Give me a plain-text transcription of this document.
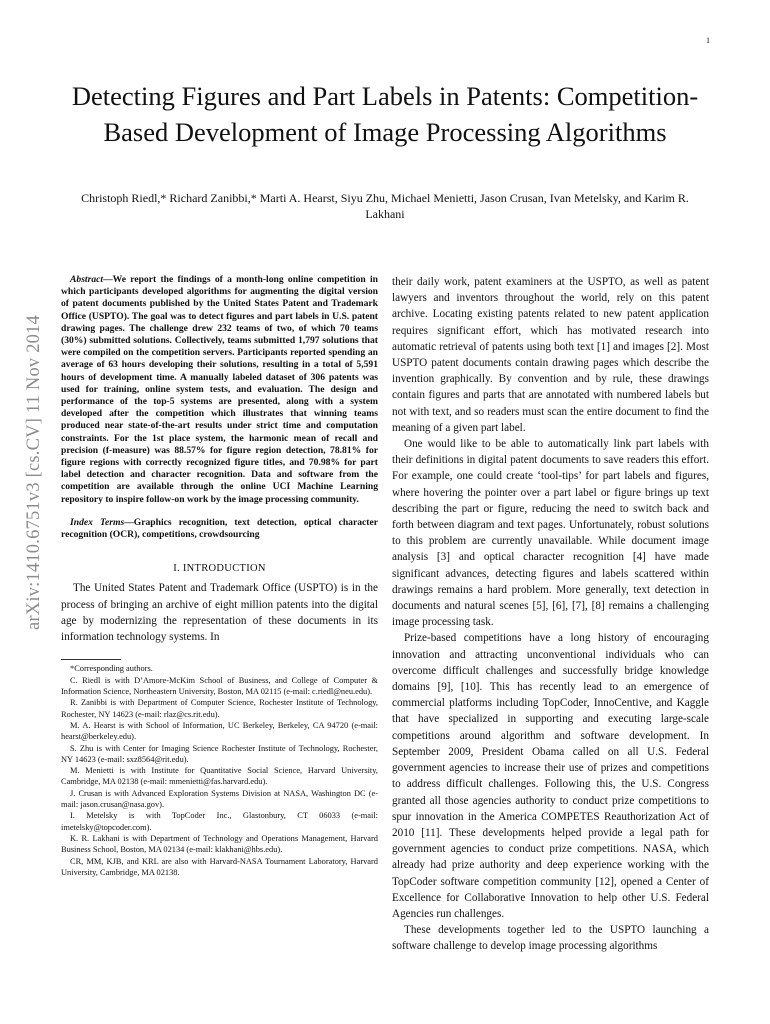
1
arXiv:1410.6751v3 [cs.CV] 11 Nov 2014
Detecting Figures and Part Labels in Patents: Competition-Based Development of Image Processing Algorithms
Christoph Riedl,* Richard Zanibbi,* Marti A. Hearst, Siyu Zhu, Michael Menietti, Jason Crusan, Ivan Metelsky, and Karim R. Lakhani

Abstract—We report the findings of a month-long online competition in which participants developed algorithms for augmenting the digital version of patent documents published by the United States Patent and Trademark Office (USPTO). The goal was to detect figures and part labels in U.S. patent drawing pages. The challenge drew 232 teams of two, of which 70 teams (30%) submitted solutions. Collectively, teams submitted 1,797 solutions that were compiled on the competition servers. Participants reported spending an average of 63 hours developing their solutions, resulting in a total of 5,591 hours of development time. A manually labeled dataset of 306 patents was used for training, online system tests, and evaluation. The design and performance of the top-5 systems are presented, along with a system developed after the competition which illustrates that winning teams produced near state-of-the-art results under strict time and computation constraints. For the 1st place system, the harmonic mean of recall and precision (f-measure) was 88.57% for figure region detection, 78.81% for figure regions with correctly recognized figure titles, and 70.98% for part label detection and character recognition. Data and software from the competition are available through the online UCI Machine Learning repository to inspire follow-on work by the image processing community.

Index Terms—Graphics recognition, text detection, optical character recognition (OCR), competitions, crowdsourcing

I. INTRODUCTION

The United States Patent and Trademark Office (USPTO) is in the process of bringing an archive of eight million patents into the digital age by modernizing the representation of these documents in its information technology systems. In

*Corresponding authors.

C. Riedl is with D’Amore-McKim School of Business, and College of Computer & Information Science, Northeastern University, Boston, MA 02115 (e-mail: c.riedl@neu.edu).

R. Zanibbi is with Department of Computer Science, Rochester Institute of Technology, Rochester, NY 14623 (e-mail: rlaz@cs.rit.edu).

M. A. Hearst is with School of Information, UC Berkeley, Berkeley, CA 94720 (e-mail: hearst@berkeley.edu).

S. Zhu is with Center for Imaging Science Rochester Institute of Technology, Rochester, NY 14623 (e-mail: sxz8564@rit.edu).

M. Menietti is with Institute for Quantitative Social Science, Harvard University, Cambridge, MA 02138 (e-mail: mmenietti@fas.harvard.edu).

J. Crusan is with Advanced Exploration Systems Division at NASA, Washington DC (e-mail: jason.crusan@nasa.gov).

I. Metelsky is with TopCoder Inc., Glastonbury, CT 06033 (e-mail: imetelsky@topcoder.com).

K. R. Lakhani is with Department of Technology and Operations Management, Harvard Business School, Boston, MA 02134 (e-mail: klakhani@hbs.edu).

CR, MM, KJB, and KRL are also with Harvard-NASA Tournament Laboratory, Harvard University, Cambridge, MA 02138.

their daily work, patent examiners at the USPTO, as well as patent lawyers and inventors throughout the world, rely on this patent archive. Locating existing patents related to new patent application requires significant effort, which has motivated research into automatic retrieval of patents using both text [1] and images [2]. Most USPTO patent documents contain drawing pages which describe the invention graphically. By convention and by rule, these drawings contain figures and parts that are annotated with numbered labels but not with text, and so readers must scan the entire document to find the meaning of a given part label.

One would like to be able to automatically link part labels with their definitions in digital patent documents to save readers this effort. For example, one could create ‘tool-tips’ for part labels and figures, where hovering the pointer over a part label or figure brings up text describing the part or figure, reducing the need to switch back and forth between diagram and text pages. Unfortunately, robust solutions to this problem are currently unavailable. While document image analysis [3] and optical character recognition [4] have made significant advances, detecting figures and labels scattered within drawings remains a hard problem. More generally, text detection in documents and natural scenes [5], [6], [7], [8] remains a challenging image processing task.

Prize-based competitions have a long history of encouraging innovation and attracting unconventional individuals who can overcome difficult challenges and successfully bridge knowledge domains [9], [10]. This has recently lead to an emergence of commercial platforms including TopCoder, InnoCentive, and Kaggle that have specialized in supporting and executing large-scale competitions around algorithm and software development. In September 2009, President Obama called on all U.S. Federal government agencies to increase their use of prizes and competitions to address difficult challenges. Following this, the U.S. Congress granted all those agencies authority to conduct prize competitions to spur innovation in the America COMPETES Reauthorization Act of 2010 [11]. These developments helped provide a legal path for government agencies to conduct prize competitions. NASA, which already had prize authority and deep experience working with the TopCoder software competition community [12], opened a Center of Excellence for Collaborative Innovation to help other U.S. Federal Agencies run challenges.

These developments together led to the USPTO launching a software challenge to develop image processing algorithms
